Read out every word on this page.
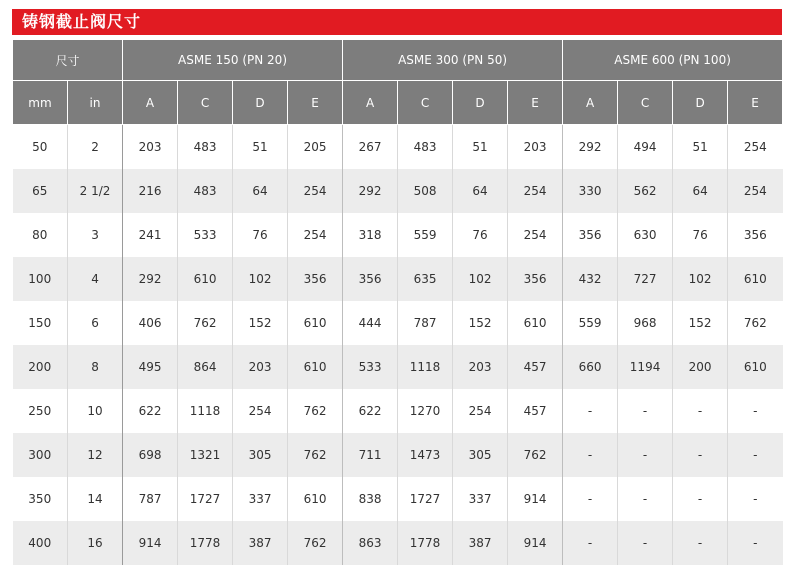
铸钢截止阀尺寸
尺寸		ASME 150 (PN 20)				ASME 300 (PN 50)				ASME 600 (PN 100)			
mm	in	A	C	D	E	A	C	D	E	A	C	D	E
50	2	203	483	51	205	267	483	51	203	292	494	51	254
65	2 1/2	216	483	64	254	292	508	64	254	330	562	64	254
80	3	241	533	76	254	318	559	76	254	356	630	76	356
100	4	292	610	102	356	356	635	102	356	432	727	102	610
150	6	406	762	152	610	444	787	152	610	559	968	152	762
200	8	495	864	203	610	533	1118	203	457	660	1194	200	610
250	10	622	1118	254	762	622	1270	254	457	-	-	-	-
300	12	698	1321	305	762	711	1473	305	762	-	-	-	-
350	14	787	1727	337	610	838	1727	337	914	-	-	-	-
400	16	914	1778	387	762	863	1778	387	914	-	-	-	-
